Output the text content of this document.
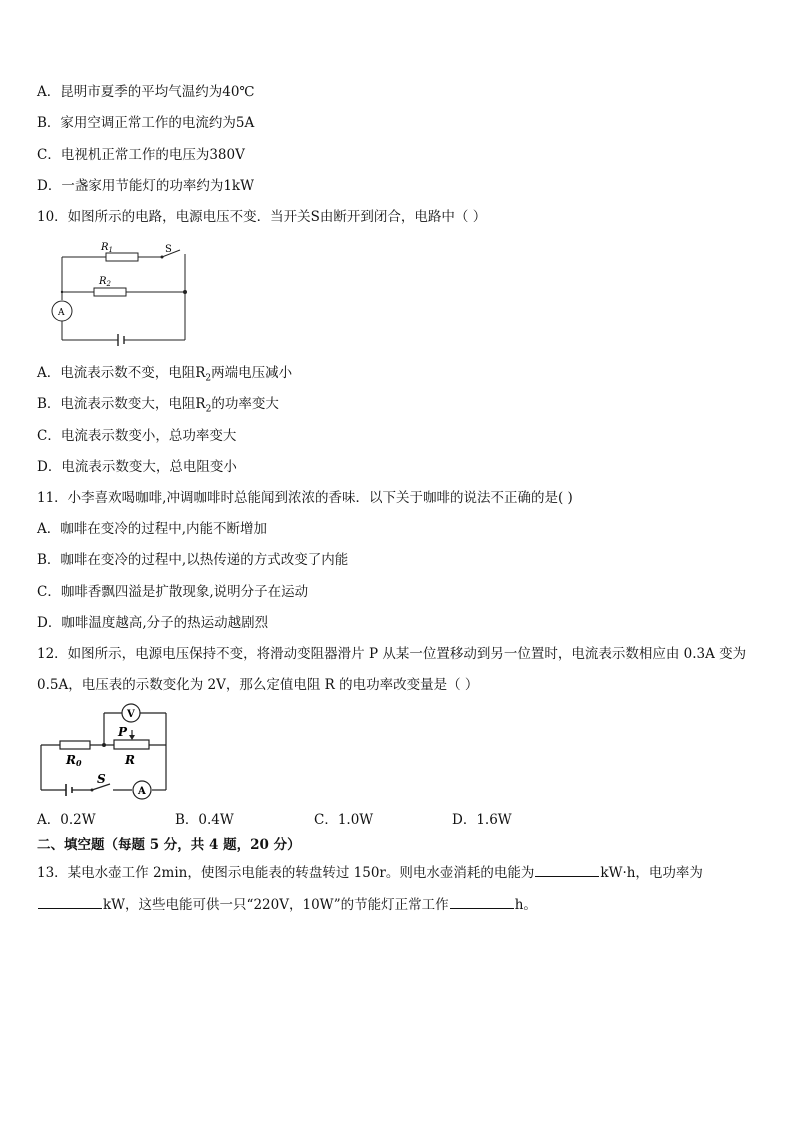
A．昆明市夏季的平均气温约为40℃
B．家用空调正常工作的电流约为5A
C．电视机正常工作的电压为380V
D．一盏家用节能灯的功率约为1kW
10．如图所示的电路，电源电压不变．当开关S由断开到闭合，电路中（ ）
$R_1$
$R_2$
S
A
A．电流表示数不变，电阻$R_2$两端电压减小
B．电流表示数变大，电阻$R_2$的功率变大
C．电流表示数变小，总功率变大
D．电流表示数变大，总电阻变小
11．小李喜欢喝咖啡,冲调咖啡时总能闻到浓浓的香味．以下关于咖啡的说法不正确的是( )
A．咖啡在变冷的过程中,内能不断增加
B．咖啡在变冷的过程中,以热传递的方式改变了内能
C．咖啡香飘四溢是扩散现象,说明分子在运动
D．咖啡温度越高,分子的热运动越剧烈
12．如图所示，电源电压保持不变，将滑动变阻器滑片 P 从某一位置移动到另一位置时，电流表示数相应由 0.3A 变为
0.5A，电压表的示数变化为 2V，那么定值电阻 R 的电功率改变量是（ ）
V
P
R0	R
S
A
A．0.2W	B．0.4W	C．1.0W	D．1.6W
二、填空题（每题 5 分，共 4 题，20 分）
13．某电水壶工作 2min，使图示电能表的转盘转过 150r。则电水壶消耗的电能为	kW·h，电功率为
kW，这些电能可供一只“220V，10W”的节能灯正常工作	h。
